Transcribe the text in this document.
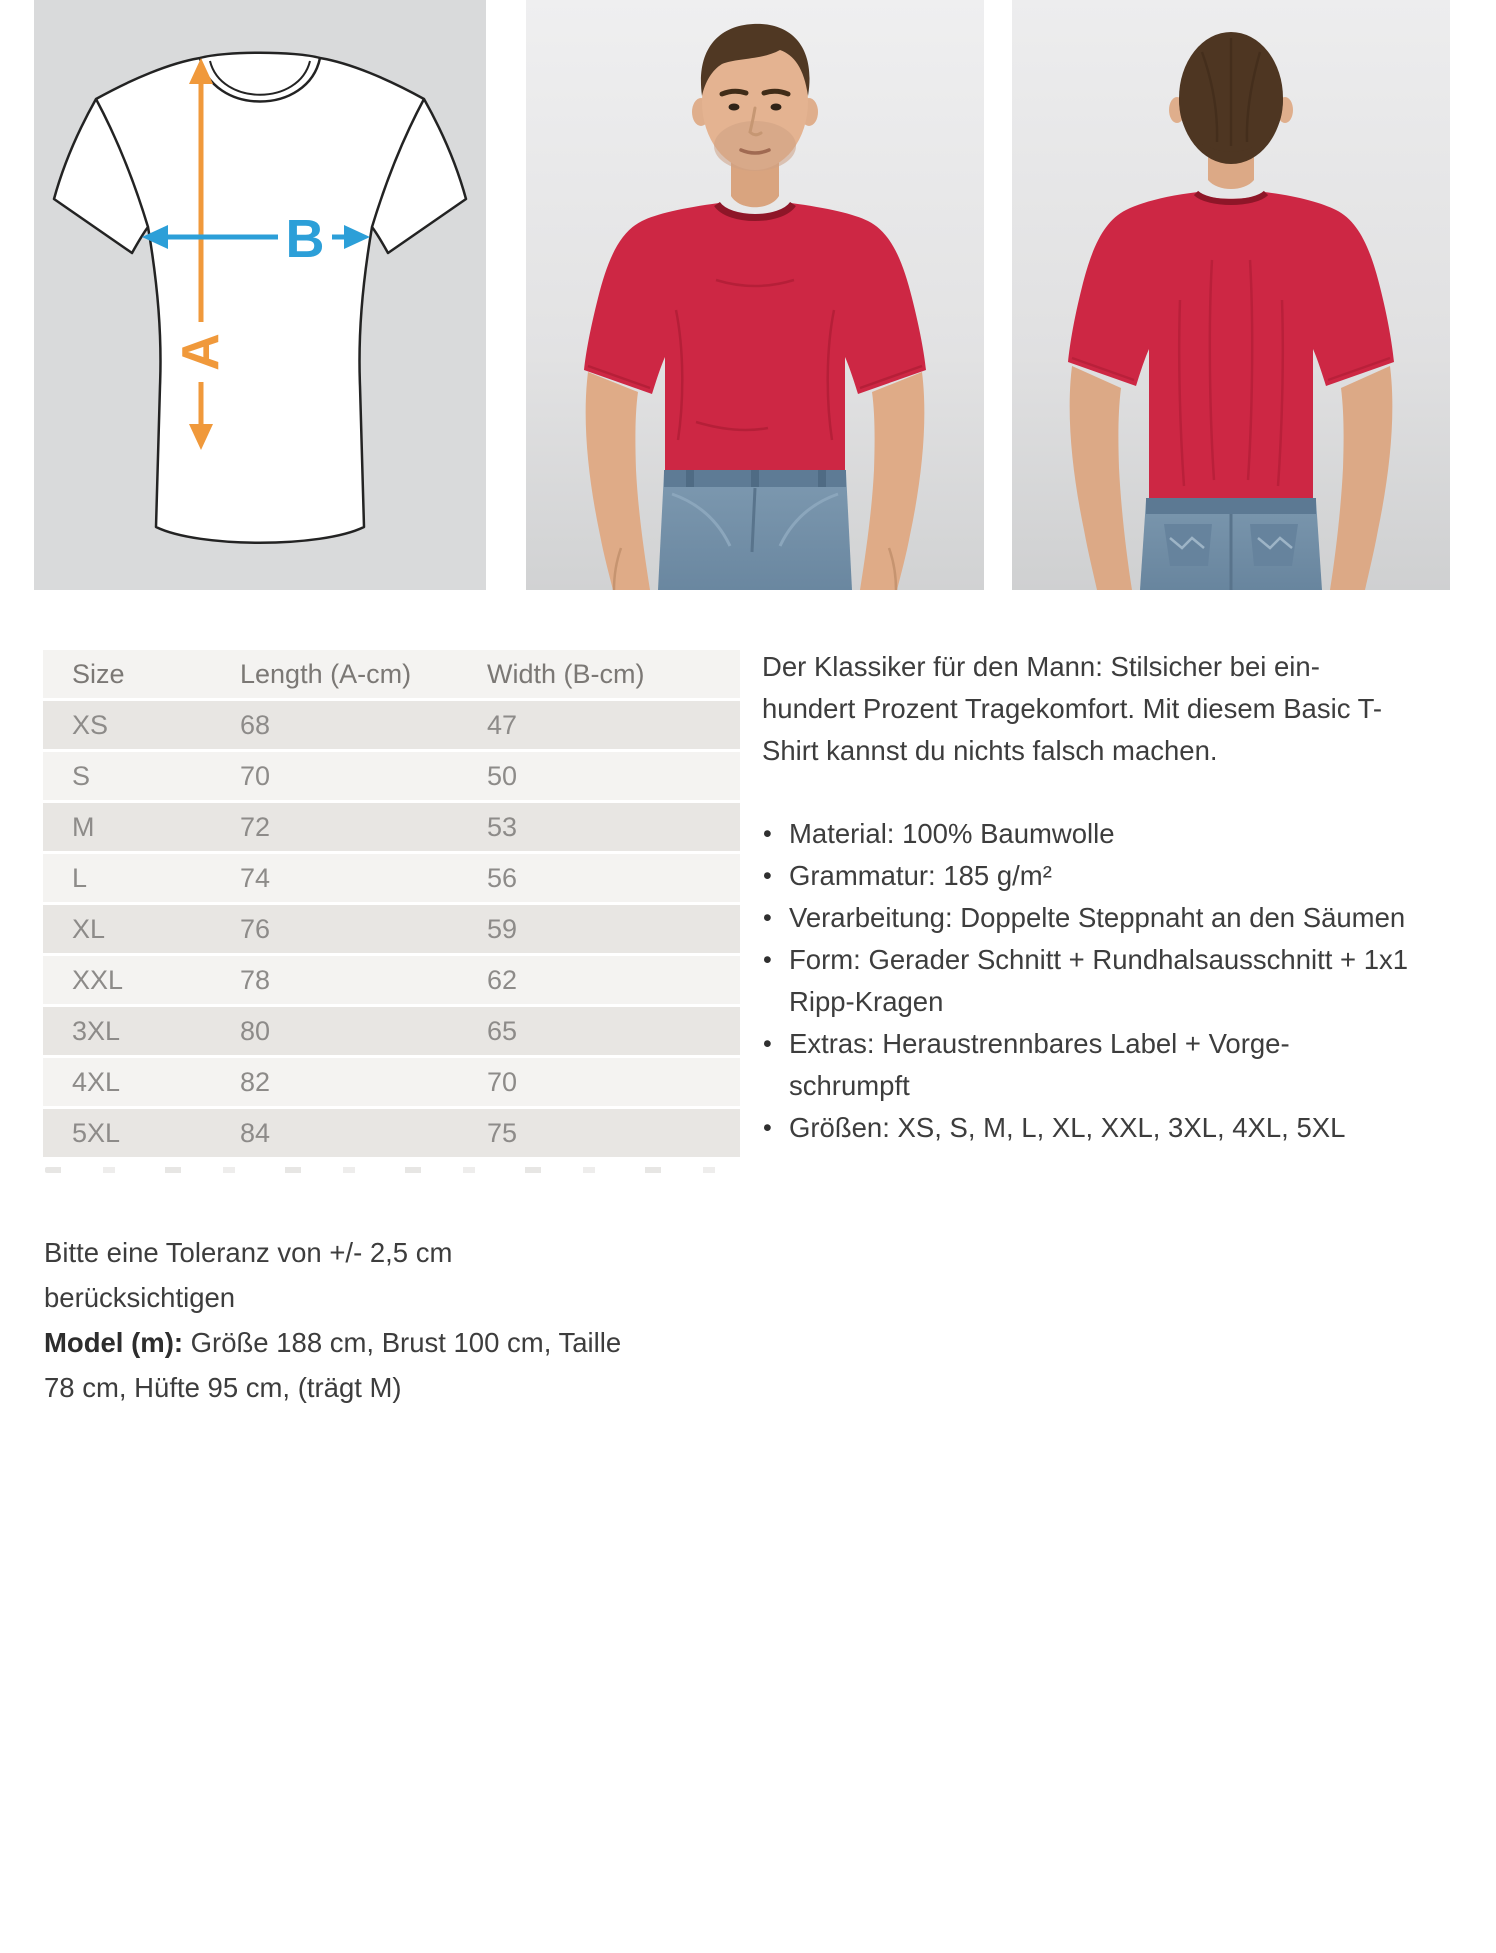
A
B
Size	Length (A-cm)	Width (B-cm)
XS	68	47
S	70	50
M	72	53
L	74	56
XL	76	59
XXL	78	62
3XL	80	65
4XL	82	70
5XL	84	75

Der Klassiker für den Mann: Stilsicher bei ein-hundert Prozent Tragekomfort. Mit diesem Basic T-Shirt kannst du nichts falsch machen.

• Material: 100% Baumwolle
• Grammatur: 185 g/m²
• Verarbeitung: Doppelte Steppnaht an den Säumen
• Form: Gerader Schnitt + Rundhalsausschnitt + 1x1 Ripp-Kragen
• Extras: Heraustrennbares Label + Vorge-schrumpft
• Größen: XS, S, M, L, XL, XXL, 3XL, 4XL, 5XL

Bitte eine Toleranz von +/- 2,5 cm berücksichtigen

Model (m): Größe 188 cm, Brust 100 cm, Taille 78 cm, Hüfte 95 cm, (trägt M)
